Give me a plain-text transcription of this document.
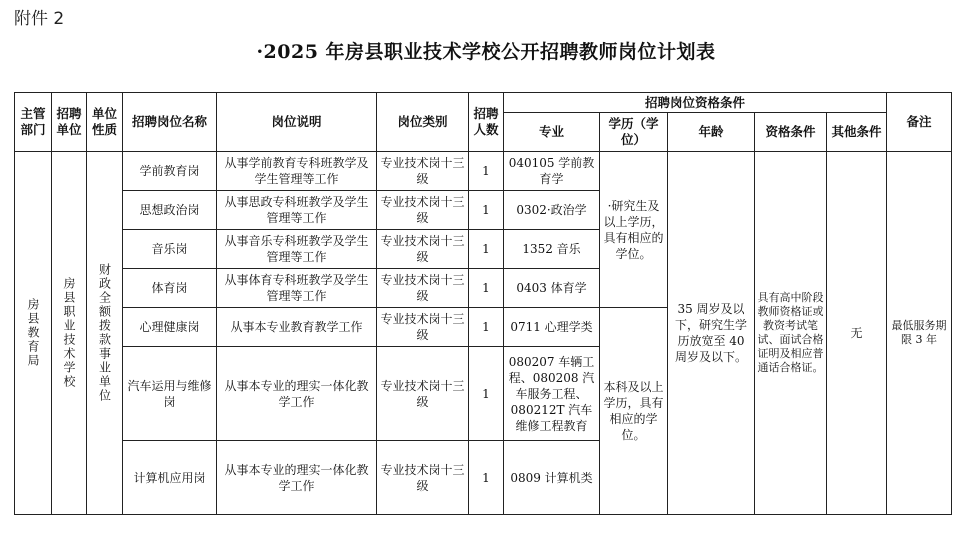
附件 2
·2025 年房县职业技术学校公开招聘教师岗位计划表
主管部门	招聘单位	单位性质	招聘岗位名称	岗位说明	岗位类别	招聘人数	招聘岗位资格条件					备注
							专业	学历（学位）	年龄	资格条件	其他条件	

房县教育局	房县职业技术学校	财政全额拨款事业单位	学前教育岗	从事学前教育专科班教学及学生管理等工作	专业技术岗十三级	1	040105 学前教育学	·研究生及以上学历，具有相应的学位。	35 周岁及以下，研究生学历放宽至 40 周岁及以下。	具有高中阶段教师资格证或教资考试笔试、面试合格证明及相应普通话合格证。	无	最低服务期限 3 年
			思想政治岗	从事思政专科班教学及学生管理等工作	专业技术岗十三级	1	0302·政治学					
			音乐岗	从事音乐专科班教学及学生管理等工作	专业技术岗十三级	1	1352 音乐					
			体育岗	从事体育专科班教学及学生管理等工作	专业技术岗十三级	1	0403 体育学					
			心理健康岗	从事本专业教育教学工作	专业技术岗十三级	1	0711 心理学类	本科及以上学历，具有相应的学位。				
			汽车运用与维修岗	从事本专业的理实一体化教学工作	专业技术岗十三级	1	080207 车辆工程、080208 汽车服务工程、080212T 汽车维修工程教育					
			计算机应用岗	从事本专业的理实一体化教学工作	专业技术岗十三级	1	0809 计算机类					
